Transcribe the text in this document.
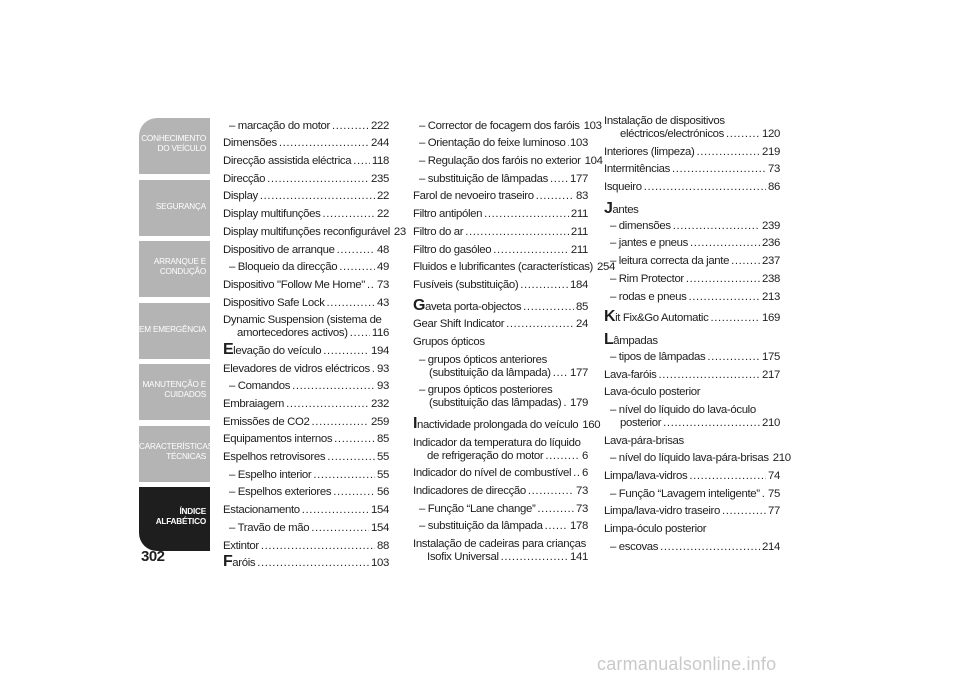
CONHECIMENTO DO VEÍCULO
SEGURANÇA
ARRANQUE E CONDUÇÃO
EM EMERGÊNCIA
MANUTENÇÃO E CUIDADOS
CARACTERÍSTICAS TÉCNICAS
ÍNDICE ALFABÉTICO
302
– marcação do motor .....	222
Dimensões .....	244
Direcção assistida eléctrica ..... 118
Direcção .....	235
Display .....	22
Display multifunções .....	22
Display multifunções reconfigurável 23
Dispositivo de arranque .....	48
– Bloqueio da direcção .....	49
Dispositivo "Follow Me Home" ..... 73
Dispositivo Safe Lock .....	43
Dynamic Suspension (sistema de
amortecedores activos) ..... 116
Elevação do veículo .....	194
Elevadores de vidros eléctricos ..... 93
– Comandos .....	93
Embraiagem .....	232
Emissões de CO2 .....	259
Equipamentos internos .....	85
Espelhos retrovisores .....	55
– Espelho interior .....	55
– Espelhos exteriores .....	56
Estacionamento .....	154
– Travão de mão .....	154
Extintor .....	88
Faróis .....	103
– Corrector de focagem dos faróis 103
– Orientação do feixe luminoso ..... 103
– Regulação dos faróis no exterior 104
– substituição de lâmpadas ..... 177
Farol de nevoeiro traseiro .....	83
Filtro antipólen .....	211
Filtro do ar .....	211
Filtro do gasóleo .....	211
Fluidos e lubrificantes (características) 254
Fusíveis (substituição) .....	184
Gaveta porta-objectos .....	85
Gear Shift Indicator .....	24
Grupos ópticos
– grupos ópticos anteriores
(substituição da lâmpada) ..... 177
– grupos ópticos posteriores
(substituição das lâmpadas) ..... 179
Inactividade prolongada do veículo 160
Indicador da temperatura do líquido
de refrigeração do motor .....	6
Indicador do nível de combustível ..... 6
Indicadores de direcção .....	73
– Função “Lane change” .....	73
– substituição da lâmpada ..... 178
Instalação de cadeiras para crianças
Isofix Universal .....	141
Instalação de dispositivos
eléctricos/electrónicos .....	120
Interiores (limpeza) .....	219
Intermitências .....	73
Isqueiro .....	86
Jantes
– dimensões .....	239
– jantes e pneus .....	236
– leitura correcta da jante .....	237
– Rim Protector .....	238
– rodas e pneus .....	213
Kit Fix&Go Automatic .....	169
Lâmpadas
– tipos de lâmpadas .....	175
Lava-faróis .....	217
Lava-óculo posterior
– nível do líquido do lava-óculo
posterior .....	210
Lava-pára-brisas
– nível do líquido lava-pára-brisas 210
Limpa/lava-vidros .....	74
– Função “Lavagem inteligente” ..... 75
Limpa/lava-vidro traseiro .....	77
Limpa-óculo posterior
– escovas .....	214
carmanualsonline.info
